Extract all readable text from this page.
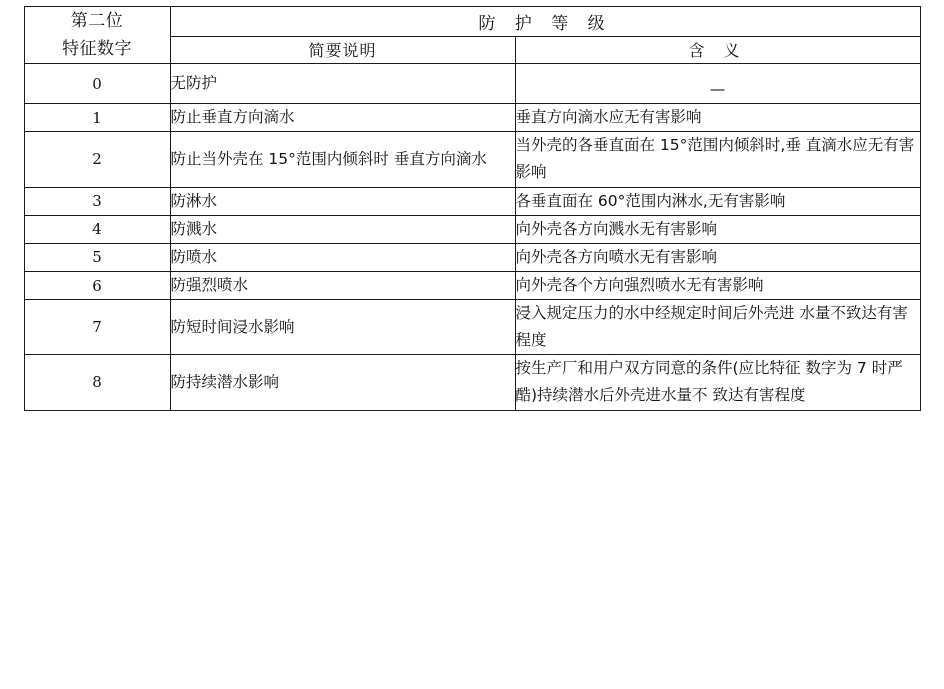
第二位
特征数字	防 护 等 级	
	简要说明	含 义
0	无防护	—
1	防止垂直方向滴水	垂直方向滴水应无有害影响
2	防止当外壳在 15°范围内倾斜时 垂直方向滴水	当外壳的各垂直面在 15°范围内倾斜时,垂 直滴水应无有害影响
3	防淋水	各垂直面在 60°范围内淋水,无有害影响
4	防溅水	向外壳各方向溅水无有害影响
5	防喷水	向外壳各方向喷水无有害影响
6	防强烈喷水	向外壳各个方向强烈喷水无有害影响
7	防短时间浸水影响	浸入规定压力的水中经规定时间后外壳进 水量不致达有害程度
8	防持续潜水影响	按生产厂和用户双方同意的条件(应比特征 数字为 7 时严酷)持续潜水后外壳进水量不 致达有害程度
